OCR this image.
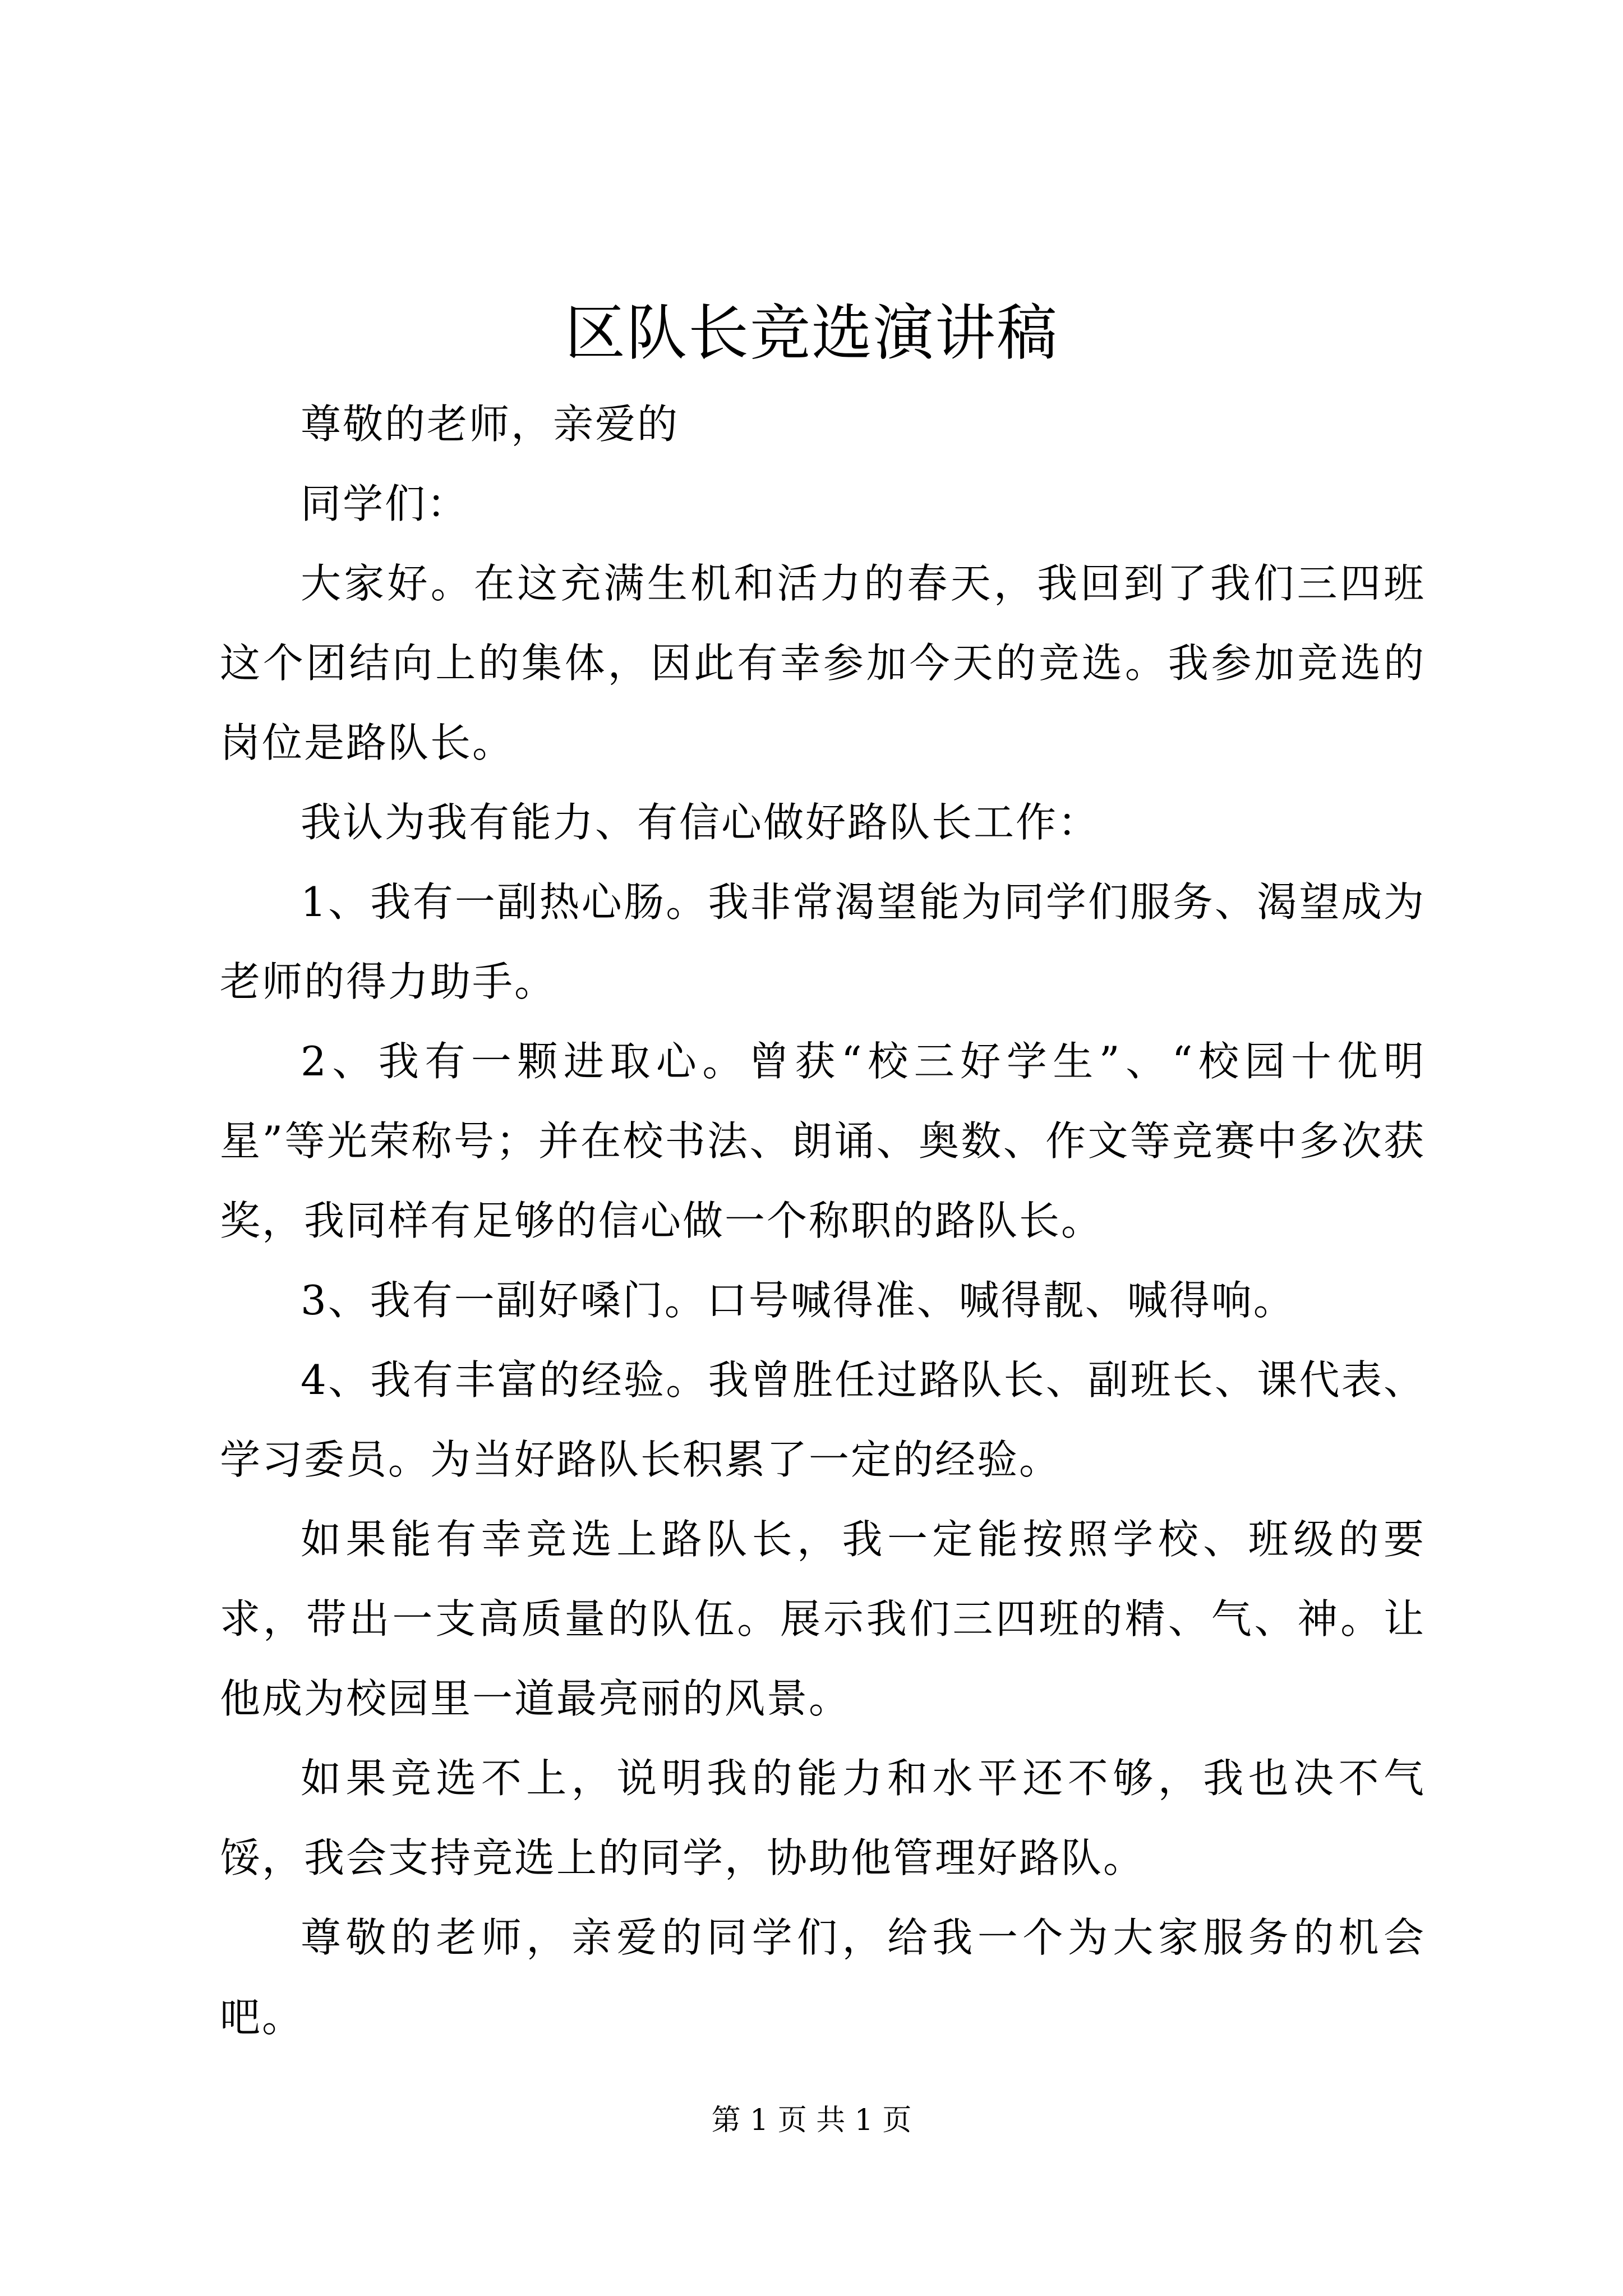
区队长竞选演讲稿

尊敬的老师，亲爱的

同学们：

大家好。在这充满生机和活力的春天，我回到了我们三四班这个团结向上的集体，因此有幸参加今天的竞选。我参加竞选的岗位是路队长。

我认为我有能力、有信心做好路队长工作：

1、我有一副热心肠。我非常渴望能为同学们服务、渴望成为老师的得力助手。

2、我有一颗进取心。曾获“校三好学生”、“校园十优明星”等光荣称号；并在校书法、朗诵、奥数、作文等竞赛中多次获奖，我同样有足够的信心做一个称职的路队长。

3、我有一副好嗓门。口号喊得准、喊得靓、喊得响。

4、我有丰富的经验。我曾胜任过路队长、副班长、课代表、学习委员。为当好路队长积累了一定的经验。

如果能有幸竞选上路队长，我一定能按照学校、班级的要求，带出一支高质量的队伍。展示我们三四班的精、气、神。让他成为校园里一道最亮丽的风景。

如果竞选不上，说明我的能力和水平还不够，我也决不气馁，我会支持竞选上的同学，协助他管理好路队。

尊敬的老师，亲爱的同学们，给我一个为大家服务的机会吧。

第 1 页 共 1 页
